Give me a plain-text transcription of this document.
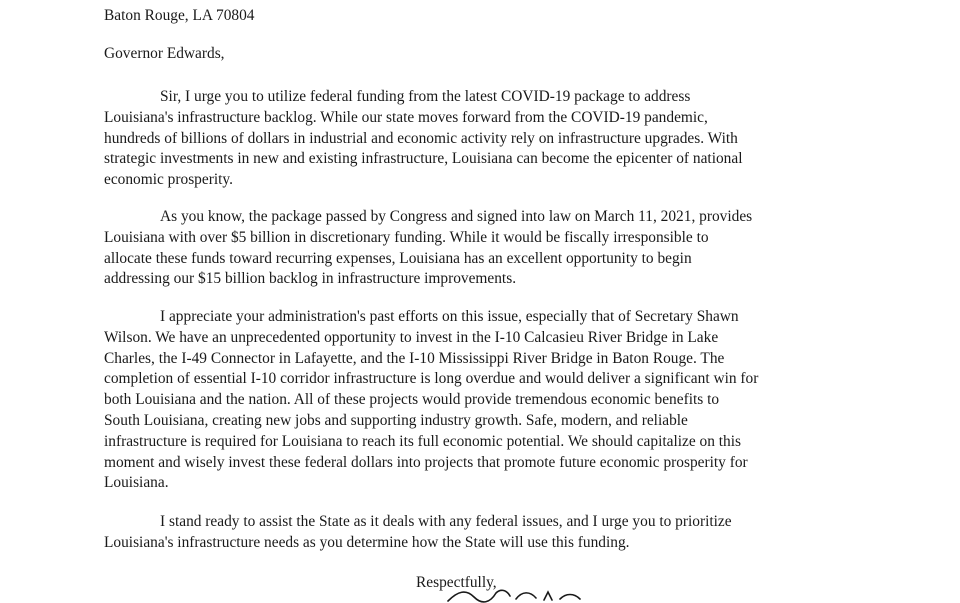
Baton Rouge, LA 70804
Governor Edwards,
Sir, I urge you to utilize federal funding from the latest COVID-19 package to address
Louisiana's infrastructure backlog. While our state moves forward from the COVID-19 pandemic,
hundreds of billions of dollars in industrial and economic activity rely on infrastructure upgrades. With
strategic investments in new and existing infrastructure, Louisiana can become the epicenter of national
economic prosperity.
As you know, the package passed by Congress and signed into law on March 11, 2021, provides
Louisiana with over $5 billion in discretionary funding. While it would be fiscally irresponsible to
allocate these funds toward recurring expenses, Louisiana has an excellent opportunity to begin
addressing our $15 billion backlog in infrastructure improvements.
I appreciate your administration's past efforts on this issue, especially that of Secretary Shawn
Wilson. We have an unprecedented opportunity to invest in the I-10 Calcasieu River Bridge in Lake
Charles, the I-49 Connector in Lafayette, and the I-10 Mississippi River Bridge in Baton Rouge. The
completion of essential I-10 corridor infrastructure is long overdue and would deliver a significant win for
both Louisiana and the nation. All of these projects would provide tremendous economic benefits to
South Louisiana, creating new jobs and supporting industry growth. Safe, modern, and reliable
infrastructure is required for Louisiana to reach its full economic potential. We should capitalize on this
moment and wisely invest these federal dollars into projects that promote future economic prosperity for
Louisiana.
I stand ready to assist the State as it deals with any federal issues, and I urge you to prioritize
Louisiana's infrastructure needs as you determine how the State will use this funding.
Respectfully,
